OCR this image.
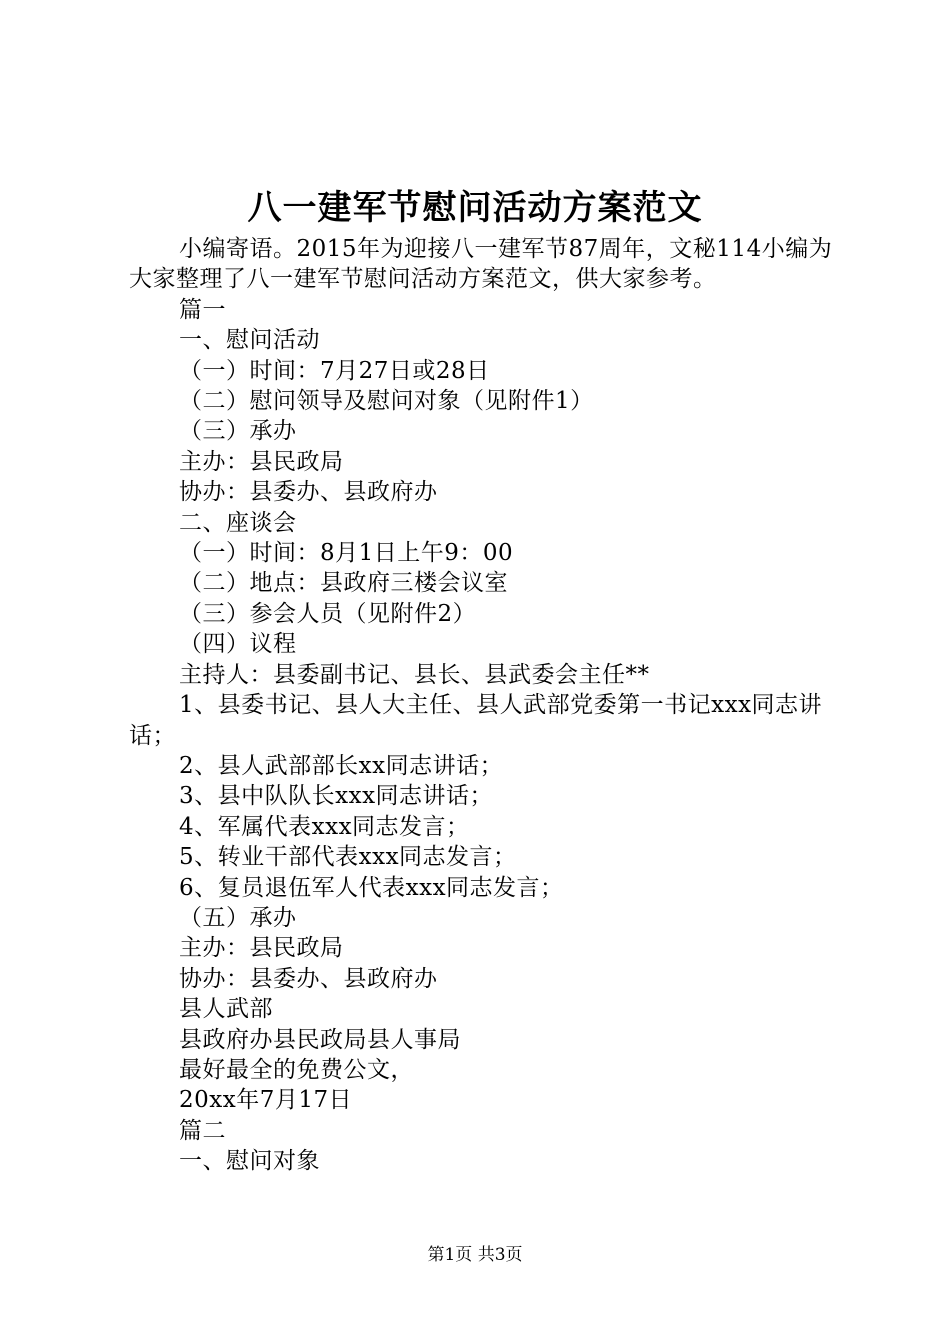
八一建军节慰问活动方案范文

小编寄语。2015年为迎接八一建军节87周年，文秘114小编为大家整理了八一建军节慰问活动方案范文，供大家参考。

篇一

一、慰问活动

（一）时间：7月27日或28日

（二）慰问领导及慰问对象（见附件1）

（三）承办

主办：县民政局

协办：县委办、县政府办

二、座谈会

（一）时间：8月1日上午9：00

（二）地点：县政府三楼会议室

（三）参会人员（见附件2）

（四）议程

主持人：县委副书记、县长、县武委会主任**

1、县委书记、县人大主任、县人武部党委第一书记xxx同志讲话；

2、县人武部部长xx同志讲话；

3、县中队队长xxx同志讲话；

4、军属代表xxx同志发言；

5、转业干部代表xxx同志发言；

6、复员退伍军人代表xxx同志发言；

（五）承办

主办：县民政局

协办：县委办、县政府办

县人武部

县政府办县民政局县人事局

最好最全的免费公文，

20xx年7月17日

篇二

一、慰问对象

第1页 共3页
